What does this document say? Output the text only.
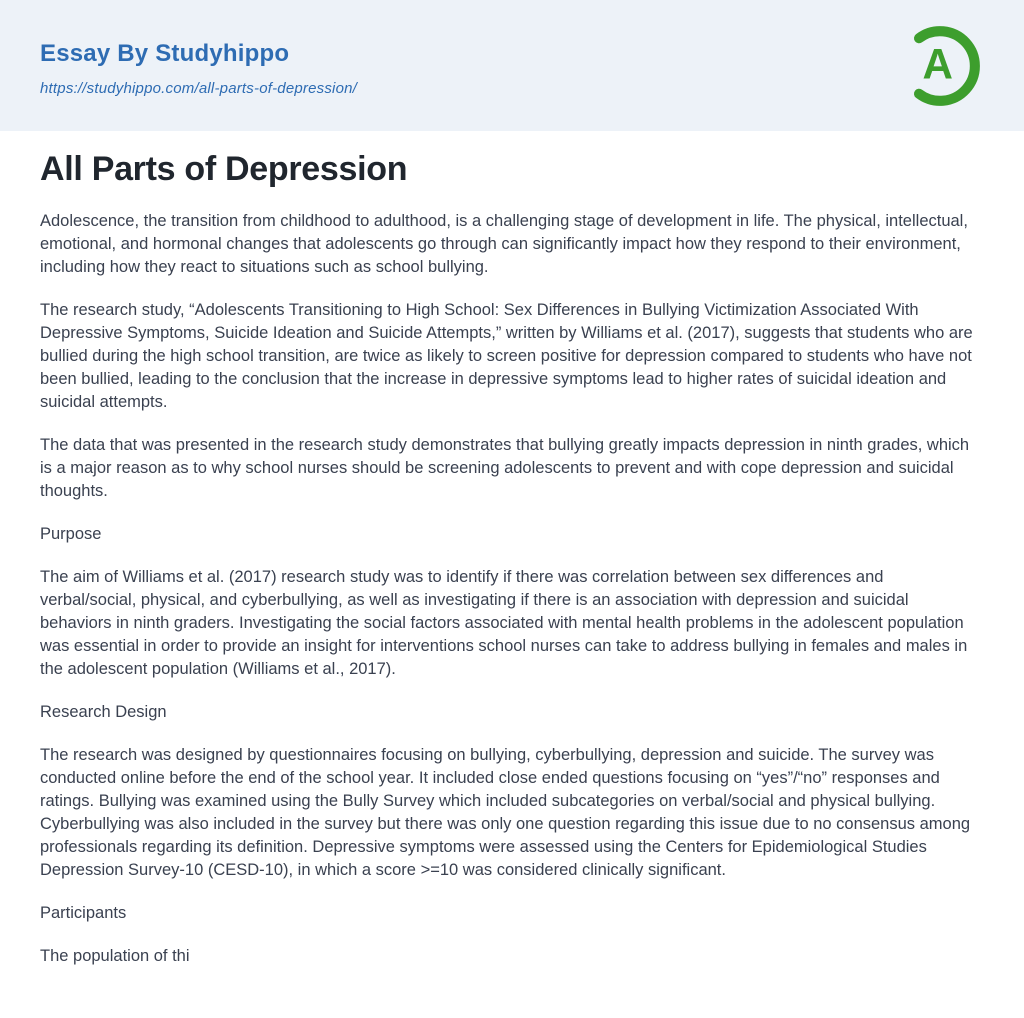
Essay By Studyhippo
https://studyhippo.com/all-parts-of-depression/
A
All Parts of Depression

Adolescence, the transition from childhood to adulthood, is a challenging stage of development in life. The physical, intellectual, emotional, and hormonal changes that adolescents go through can significantly impact how they respond to their environment, including how they react to situations such as school bullying.

The research study, “Adolescents Transitioning to High School: Sex Differences in Bullying Victimization Associated With Depressive Symptoms, Suicide Ideation and Suicide Attempts,” written by Williams et al. (2017), suggests that students who are bullied during the high school transition, are twice as likely to screen positive for depression compared to students who have not been bullied, leading to the conclusion that the increase in depressive symptoms lead to higher rates of suicidal ideation and suicidal attempts.

The data that was presented in the research study demonstrates that bullying greatly impacts depression in ninth grades, which is a major reason as to why school nurses should be screening adolescents to prevent and with cope depression and suicidal thoughts.

Purpose

The aim of Williams et al. (2017) research study was to identify if there was correlation between sex differences and verbal/social, physical, and cyberbullying, as well as investigating if there is an association with depression and suicidal behaviors in ninth graders. Investigating the social factors associated with mental health problems in the adolescent population was essential in order to provide an insight for interventions school nurses can take to address bullying in females and males in the adolescent population (Williams et al., 2017).

Research Design

The research was designed by questionnaires focusing on bullying, cyberbullying, depression and suicide. The survey was conducted online before the end of the school year. It included close ended questions focusing on “yes”/“no” responses and ratings. Bullying was examined using the Bully Survey which included subcategories on verbal/social and physical bullying. Cyberbullying was also included in the survey but there was only one question regarding this issue due to no consensus among professionals regarding its definition. Depressive symptoms were assessed using the Centers for Epidemiological Studies Depression Survey-10 (CESD-10), in which a score >=10 was considered clinically significant.

Participants

The population of thi
